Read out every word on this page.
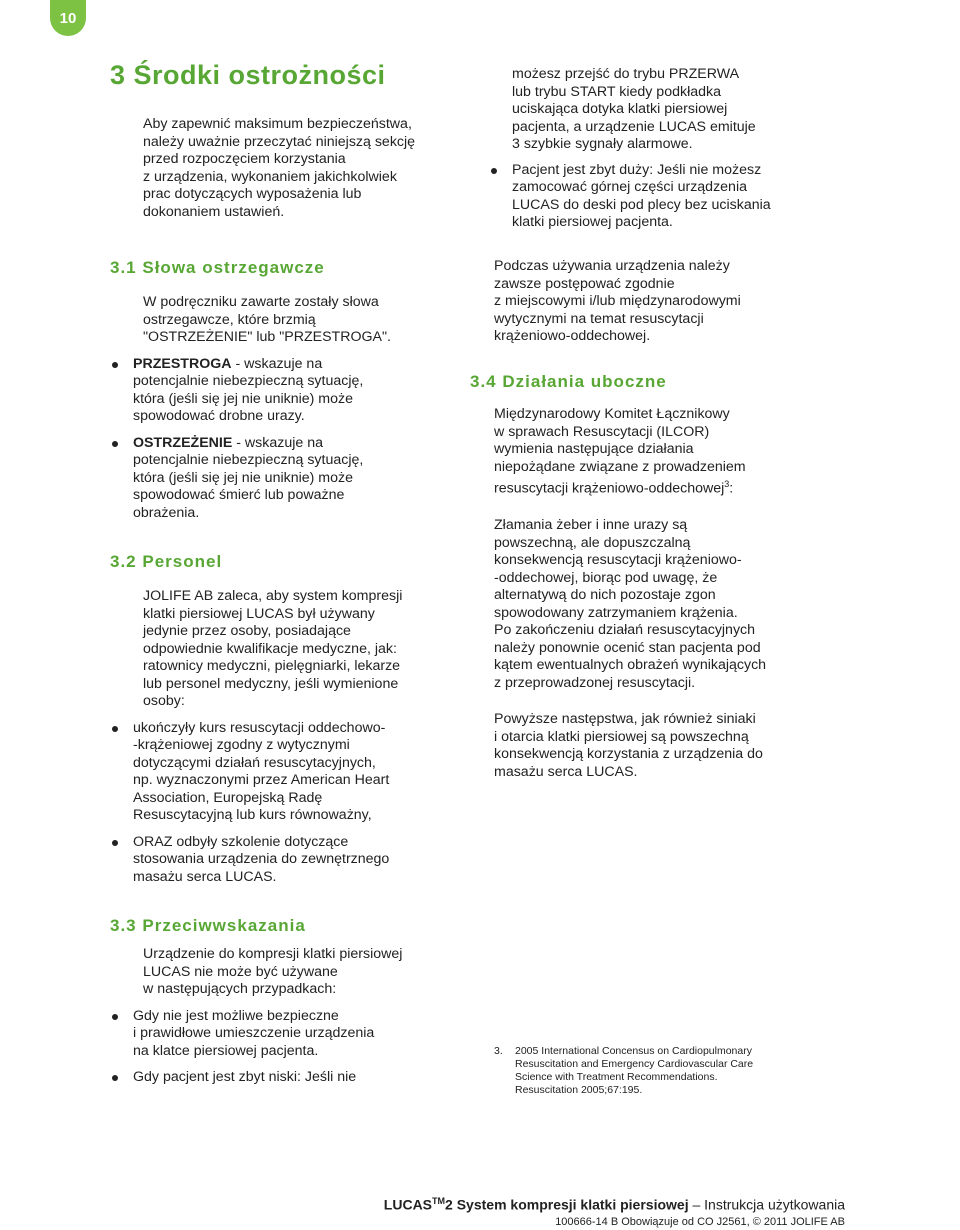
10
3 Środki ostrożności
Aby zapewnić maksimum bezpieczeństwa,
należy uważnie przeczytać niniejszą sekcję
przed rozpoczęciem korzystania
z urządzenia, wykonaniem jakichkolwiek
prac dotyczących wyposażenia lub
dokonaniem ustawień.
3.1 Słowa ostrzegawcze
W podręczniku zawarte zostały słowa
ostrzegawcze, które brzmią
"OSTRZEŻENIE" lub "PRZESTROGA".
PRZESTROGA - wskazuje na
potencjalnie niebezpieczną sytuację,
która (jeśli się jej nie uniknie) może
spowodować drobne urazy.
OSTRZEŻENIE - wskazuje na
potencjalnie niebezpieczną sytuację,
która (jeśli się jej nie uniknie) może
spowodować śmierć lub poważne
obrażenia.
3.2 Personel
JOLIFE AB zaleca, aby system kompresji
klatki piersiowej LUCAS był używany
jedynie przez osoby, posiadające
odpowiednie kwalifikacje medyczne, jak:
ratownicy medyczni, pielęgniarki, lekarze
lub personel medyczny, jeśli wymienione
osoby:
ukończyły kurs resuscytacji oddechowo-
-krążeniowej zgodny z wytycznymi
dotyczącymi działań resuscytacyjnych,
np. wyznaczonymi przez American Heart
Association, Europejską Radę
Resuscytacyjną lub kurs równoważny,
ORAZ odbyły szkolenie dotyczące
stosowania urządzenia do zewnętrznego
masażu serca LUCAS.
3.3 Przeciwwskazania
Urządzenie do kompresji klatki piersiowej
LUCAS nie może być używane
w następujących przypadkach:
Gdy nie jest możliwe bezpieczne
i prawidłowe umieszczenie urządzenia
na klatce piersiowej pacjenta.
Gdy pacjent jest zbyt niski: Jeśli nie
możesz przejść do trybu PRZERWA
lub trybu START kiedy podkładka
uciskająca dotyka klatki piersiowej
pacjenta, a urządzenie LUCAS emituje
3 szybkie sygnały alarmowe.
Pacjent jest zbyt duży: Jeśli nie możesz
zamocować górnej części urządzenia
LUCAS do deski pod plecy bez uciskania
klatki piersiowej pacjenta.
Podczas używania urządzenia należy
zawsze postępować zgodnie
z miejscowymi i/lub międzynarodowymi
wytycznymi na temat resuscytacji
krążeniowo-oddechowej.
3.4 Działania uboczne
Międzynarodowy Komitet Łącznikowy
w sprawach Resuscytacji (ILCOR)
wymienia następujące działania
niepożądane związane z prowadzeniem
resuscytacji krążeniowo-oddechowej$^3$:
Złamania żeber i inne urazy są
powszechną, ale dopuszczalną
konsekwencją resuscytacji krążeniowo-
-oddechowej, biorąc pod uwagę, że
alternatywą do nich pozostaje zgon
spowodowany zatrzymaniem krążenia.
Po zakończeniu działań resuscytacyjnych
należy ponownie ocenić stan pacjenta pod
kątem ewentualnych obrażeń wynikających
z przeprowadzonej resuscytacji.
Powyższe następstwa, jak również siniaki
i otarcia klatki piersiowej są powszechną
konsekwencją korzystania z urządzenia do
masażu serca LUCAS.
3. 2005 International Concensus on Cardiopulmonary
Resuscitation and Emergency Cardiovascular Care
Science with Treatment Recommendations.
Resuscitation 2005;67:195.
LUCAS™2 System kompresji klatki piersiowej – Instrukcja użytkowania
100666-14 B Obowiązuje od CO J2561, © 2011 JOLIFE AB
